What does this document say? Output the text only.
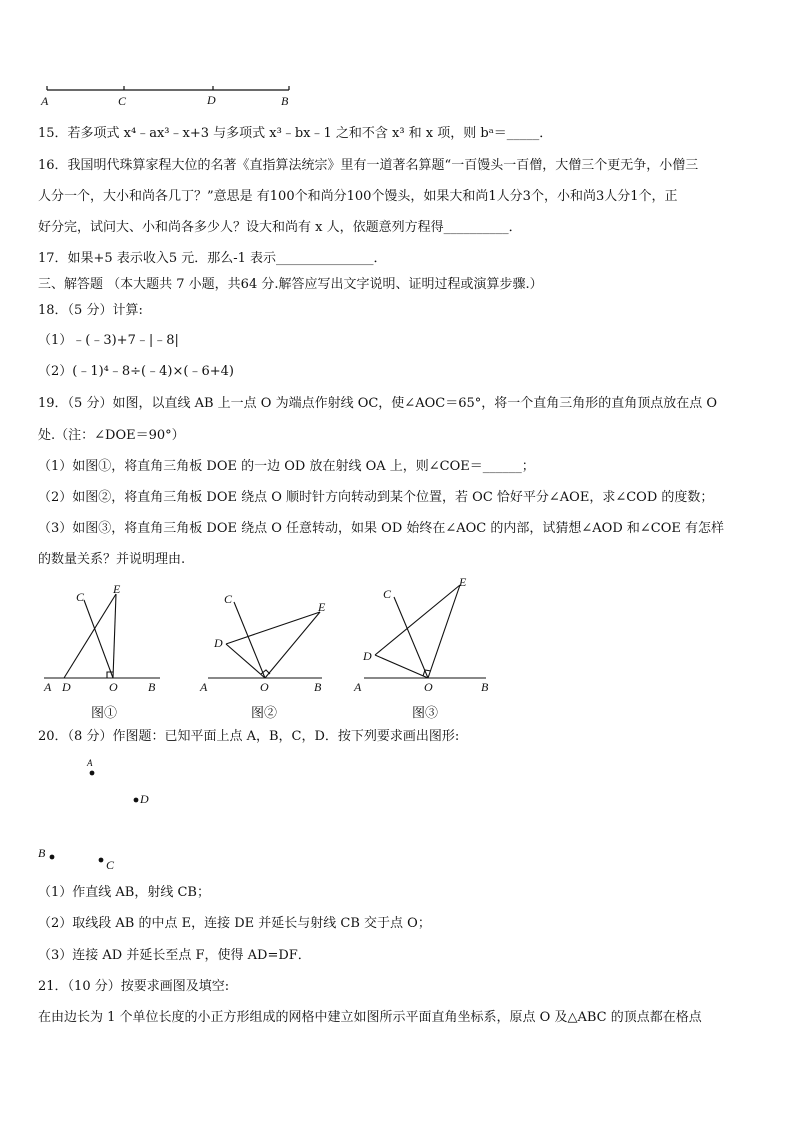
A	C	D	B
15．若多项式 x⁴﹣ax³﹣x+3 与多项式 x³﹣bx﹣1 之和不含 x³ 和 x 项，则 bᵃ＝_____．
16．我国明代珠算家程大位的名著《直指算法统宗》里有一道著名算题“一百馒头一百僧，大僧三个更无争，小僧三
人分一个，大小和尚各几丁？”意思是 有100个和尚分100个馒头，如果大和尚1人分3个，小和尚3人分1个，正
好分完，试问大、小和尚各多少人？设大和尚有 x 人，依题意列方程得__________．
17．如果+5 表示收入5 元．那么-1 表示_______________．
三、解答题 （本大题共 7 小题，共64 分.解答应写出文字说明、证明过程或演算步骤.）
18．（5 分）计算:
（1）﹣(﹣3)+7﹣|﹣8|
（2）(﹣1)⁴﹣8÷(﹣4)×(﹣6+4)
19．（5 分）如图，以直线 AB 上一点 O 为端点作射线 OC，使∠AOC＝65°，将一个直角三角形的直角顶点放在点 O
处.（注：∠DOE＝90°）
（1）如图①，将直角三角板 DOE 的一边 OD 放在射线 OA 上，则∠COE＝______；
（2）如图②，将直角三角板 DOE 绕点 O 顺时针方向转动到某个位置，若 OC 恰好平分∠AOE，求∠COD 的度数；
（3）如图③，将直角三角板 DOE 绕点 O 任意转动，如果 OD 始终在∠AOC 的内部，试猜想∠AOD 和∠COE 有怎样
的数量关系？并说明理由.
C
E
A D	O	B
图①
C
E
D
A	O	B
图②
C
E
D
A	O	B
图③
20．（8 分）作图题：已知平面上点 A，B，C，D．按下列要求画出图形:
A
D
B
C
（1）作直线 AB，射线 CB；
（2）取线段 AB 的中点 E，连接 DE 并延长与射线 CB 交于点 O；
（3）连接 AD 并延长至点 F，使得 AD=DF．
21．（10 分）按要求画图及填空:
在由边长为 1 个单位长度的小正方形组成的网格中建立如图所示平面直角坐标系，原点 O 及△ABC 的顶点都在格点
